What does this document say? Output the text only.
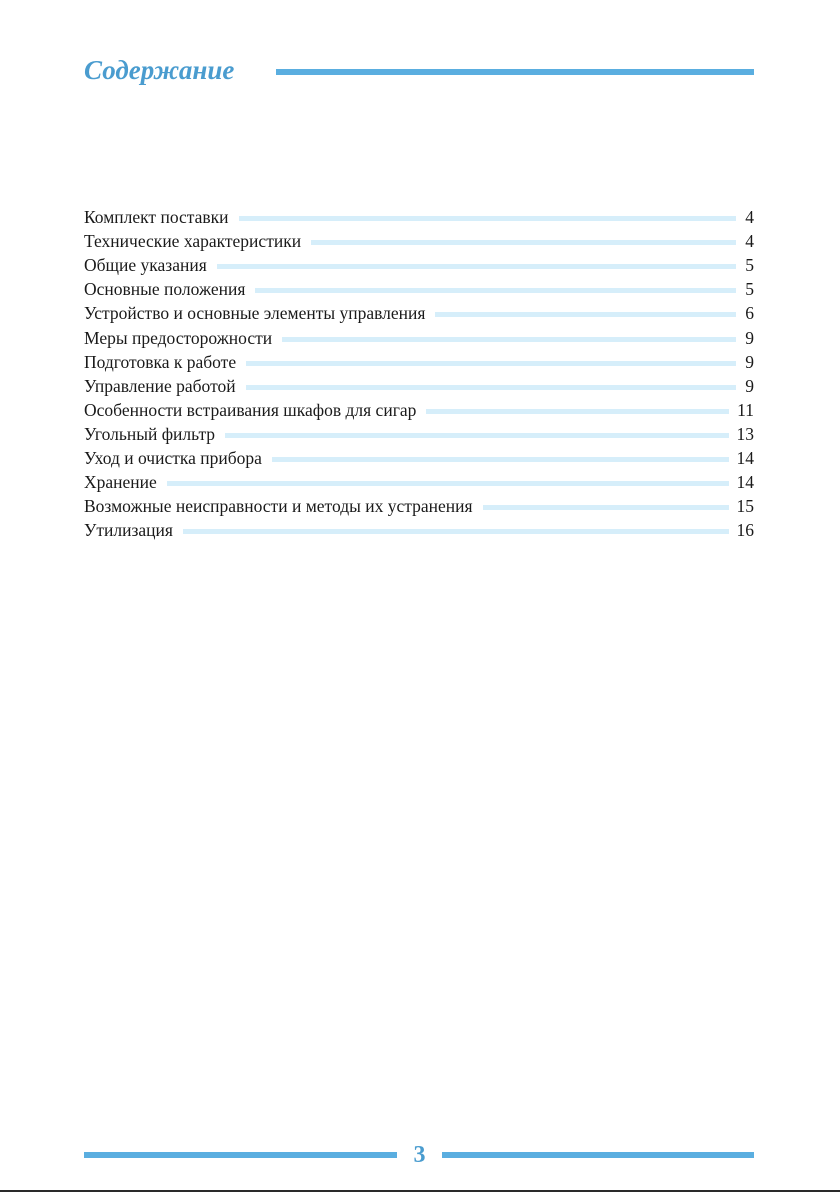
Содержание
Комплект поставки	4
Технические характеристики	4
Общие указания	5
Основные положения	5
Устройство и основные элементы управления	6
Меры предосторожности	9
Подготовка к работе	9
Управление работой	9
Особенности встраивания шкафов для сигар	11
Угольный фильтр	13
Уход и очистка прибора	14
Хранение	14
Возможные неисправности и методы их устранения	15
Утилизация	16
3
